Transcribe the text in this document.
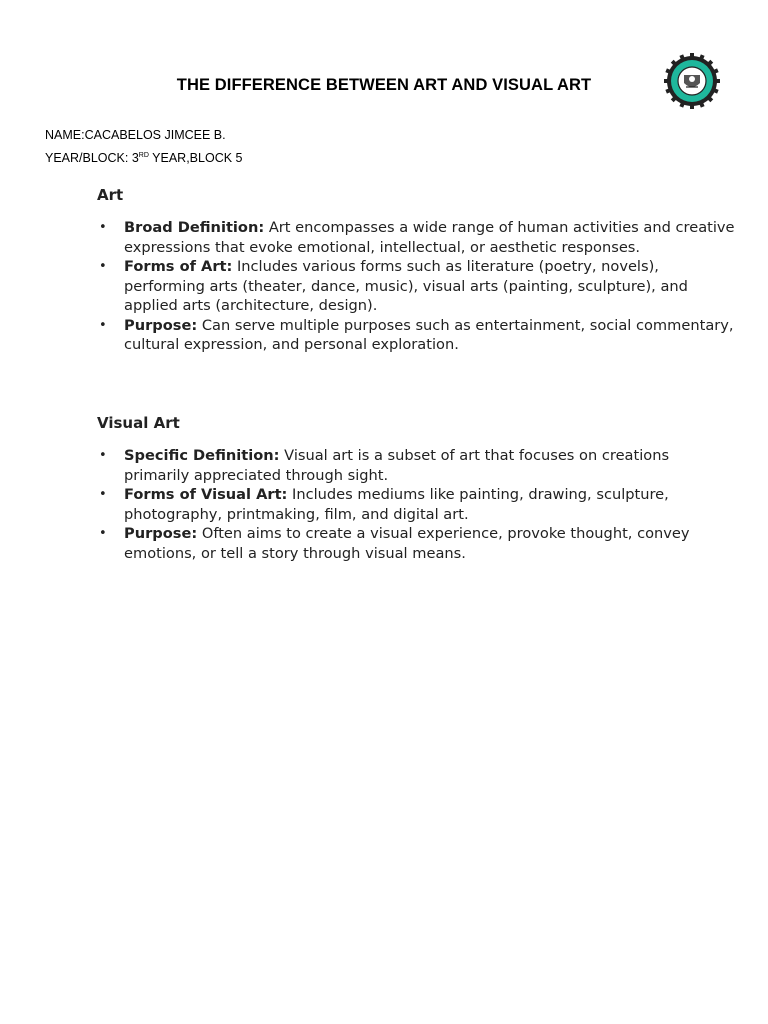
THE DIFFERENCE BETWEEN ART AND VISUAL ART
NAME:CACABELOS JIMCEE B.
YEAR/BLOCK: 3RD YEAR,BLOCK 5
Art
• Broad Definition: Art encompasses a wide range of human activities and creative expressions that evoke emotional, intellectual, or aesthetic responses.
• Forms of Art: Includes various forms such as literature (poetry, novels), performing arts (theater, dance, music), visual arts (painting, sculpture), and applied arts (architecture, design).
• Purpose: Can serve multiple purposes such as entertainment, social commentary, cultural expression, and personal exploration.
Visual Art
• Specific Definition: Visual art is a subset of art that focuses on creations primarily appreciated through sight.
• Forms of Visual Art: Includes mediums like painting, drawing, sculpture, photography, printmaking, film, and digital art.
• Purpose: Often aims to create a visual experience, provoke thought, convey emotions, or tell a story through visual means.
